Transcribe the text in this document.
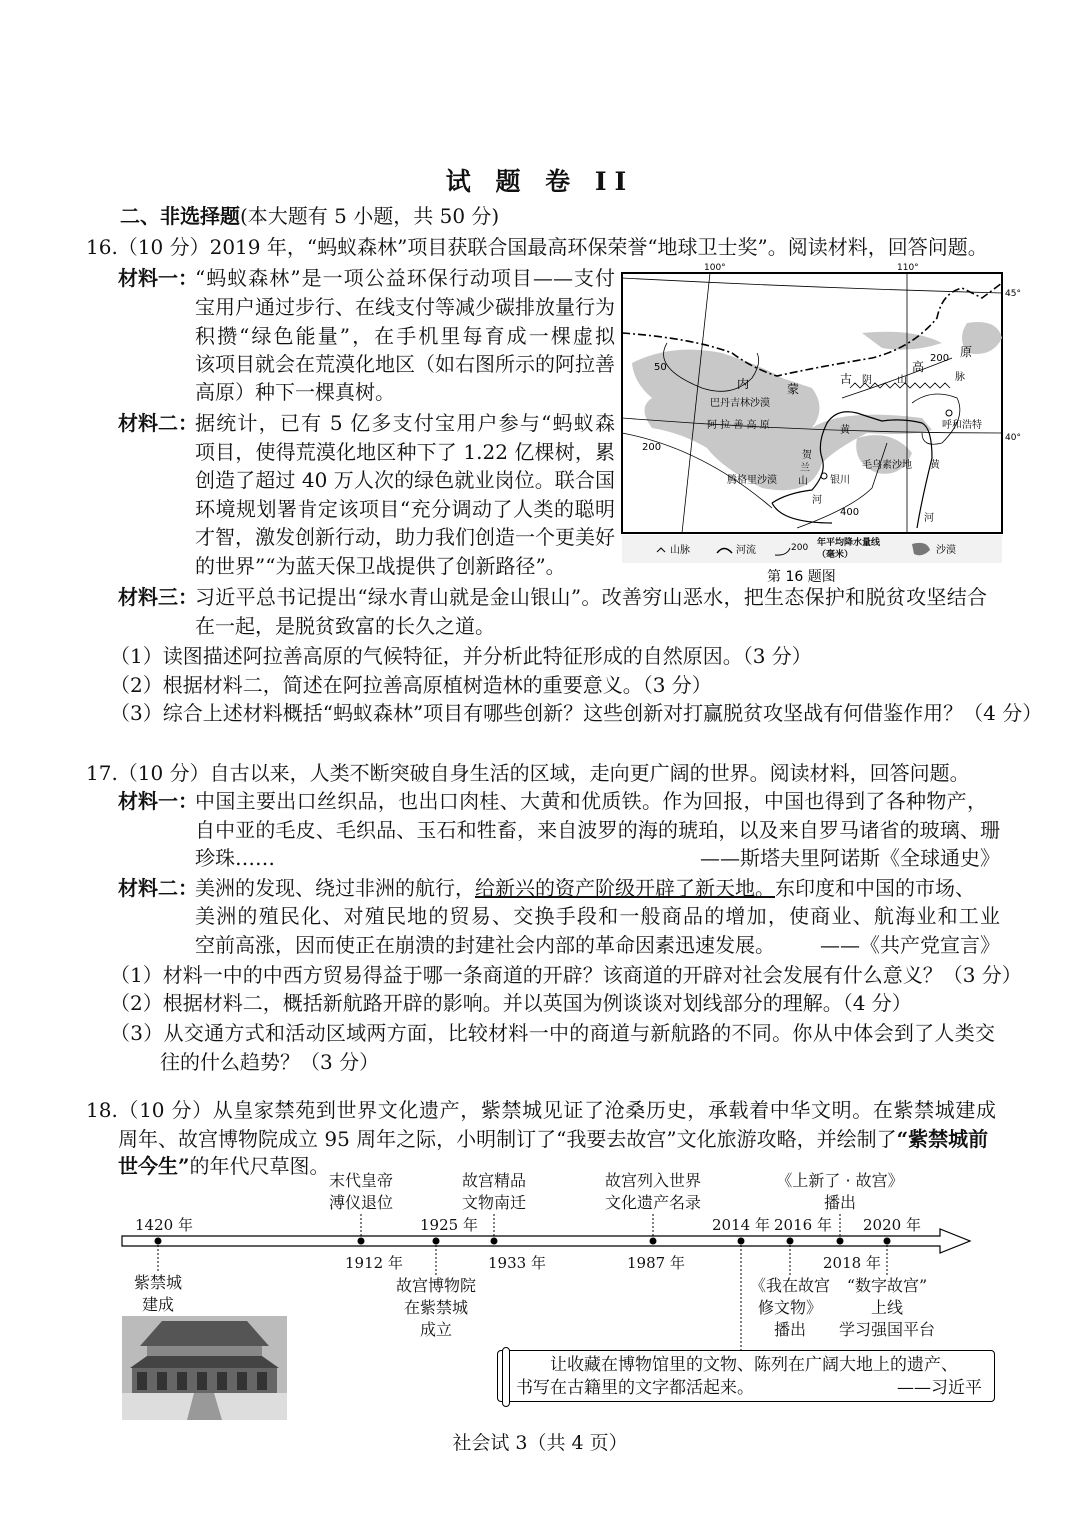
试 题 卷 II
二、非选择题(本大题有 5 小题，共 50 分)
16.（10 分）2019 年，“蚂蚁森林”项目获联合国最高环保荣誉“地球卫士奖”。阅读材料，回答问题。
材料一：
“蚂蚁森林”是一项公益环保行动项目——支付
宝用户通过步行、在线支付等减少碳排放量行为
积攒“绿色能量”，在手机里每育成一棵虚拟
该项目就会在荒漠化地区（如右图所示的阿拉善
高原）种下一棵真树。
材料二：
据统计，已有 5 亿多支付宝用户参与“蚂蚁森
项目，使得荒漠化地区种下了 1.22 亿棵树，累
创造了超过 40 万人次的绿色就业岗位。联合国
环境规划署肯定该项目“充分调动了人类的聪明
才智，激发创新行动，助力我们创造一个更美好
的世界”“为蓝天保卫战提供了创新路径”。
材料三：
习近平总书记提出“绿水青山就是金山银山”。改善穷山恶水，把生态保护和脱贫攻坚结合
在一起，是脱贫致富的长久之道。
（1）读图描述阿拉善高原的气候特征，并分析此特征形成的自然原因。（3 分）
（2）根据材料二，简述在阿拉善高原植树造林的重要意义。（3 分）
（3）综合上述材料概括“蚂蚁森林”项目有哪些创新？这些创新对打赢脱贫攻坚战有何借鉴作用？（4 分）
100°	110°
45°
40°
50
200
200
400
内	蒙
古
高
原
巴丹吉林沙漠
阿 拉 善 高 原
腾格里沙漠
毛乌素沙地
银川
呼和浩特
黄
黄
河
河
阴	山	脉
贺
兰
山
山脉	河流	200 年平均降水量线（毫米）	沙漠
第 16 题图
17.（10 分）自古以来，人类不断突破自身生活的区域，走向更广阔的世界。阅读材料，回答问题。
材料一：
中国主要出口丝织品，也出口肉桂、大黄和优质铁。作为回报，中国也得到了各种物产，
自中亚的毛皮、毛织品、玉石和牲畜，来自波罗的海的琥珀，以及来自罗马诸省的玻璃、珊
珍珠……	——斯塔夫里阿诺斯《全球通史》
材料二：
美洲的发现、绕过非洲的航行，给新兴的资产阶级开辟了新天地。东印度和中国的市场、
美洲的殖民化、对殖民地的贸易、交换手段和一般商品的增加，使商业、航海业和工业
空前高涨，因而使正在崩溃的封建社会内部的革命因素迅速发展。 ——《共产党宣言》
（1）材料一中的中西方贸易得益于哪一条商道的开辟？该商道的开辟对社会发展有什么意义？（3 分）
（2）根据材料二，概括新航路开辟的影响。并以英国为例谈谈对划线部分的理解。（4 分）
（3）从交通方式和活动区域两方面，比较材料一中的商道与新航路的不同。你从中体会到了人类交
往的什么趋势？（3 分）
18.（10 分）从皇家禁苑到世界文化遗产，紫禁城见证了沧桑历史，承载着中华文明。在紫禁城建成
周年、故宫博物院成立 95 周年之际，小明制订了“我要去故宫”文化旅游攻略，并绘制了“紫禁城前
世今生”的年代尺草图。
1420 年
紫禁城
建成
1912 年
末代皇帝
溥仪退位
1925 年
故宫博物院
在紫禁城
成立
1933 年
故宫精品
文物南迁
1987 年
故宫列入世界
文化遗产名录
2014 年 2016 年
《我在故宫
修文物》
播出
2018 年
《上新了 · 故宫》
播出
2020 年
“数字故宫”
上线
学习强国平台
让收藏在博物馆里的文物、陈列在广阔大地上的遗产、
书写在古籍里的文字都活起来。	——习近平
社会试 3（共 4 页）
